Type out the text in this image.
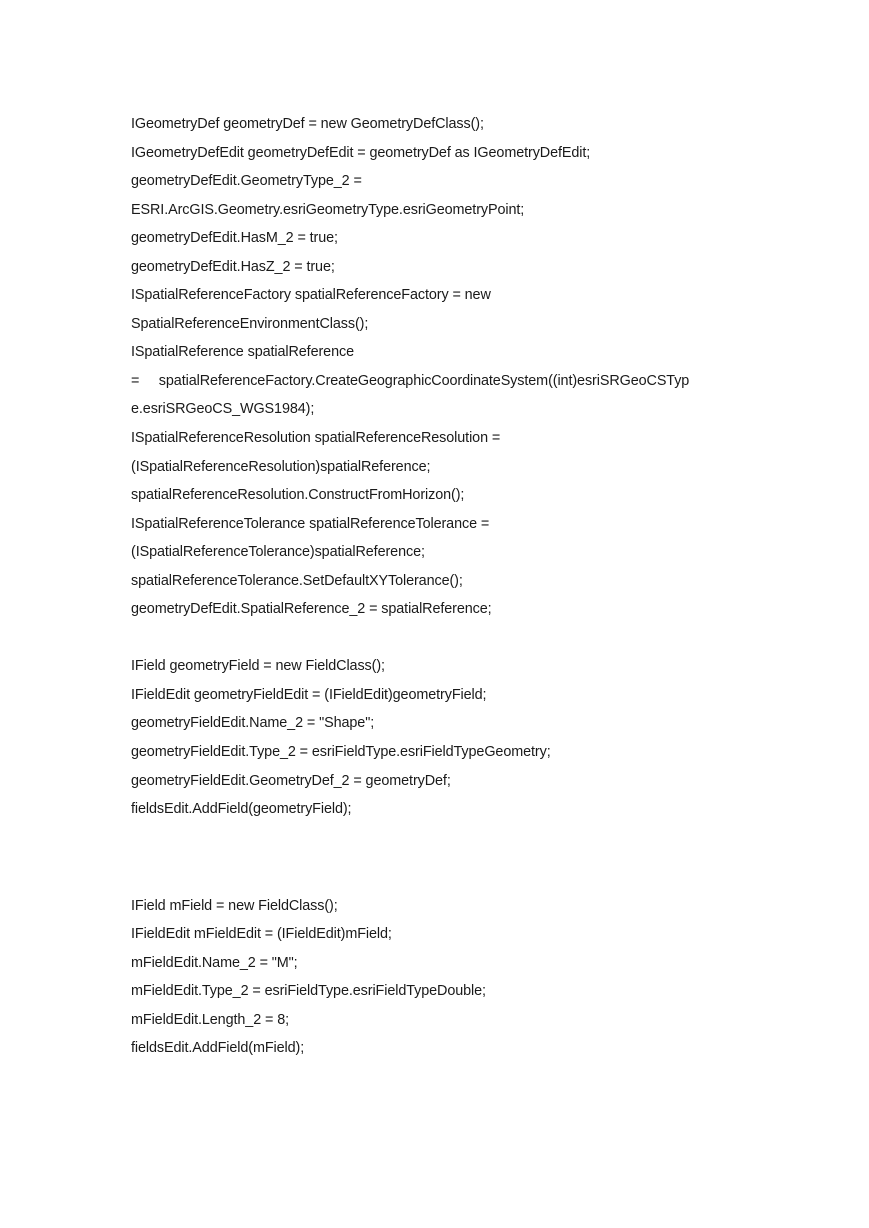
IGeometryDef geometryDef = new GeometryDefClass();
IGeometryDefEdit geometryDefEdit = geometryDef as IGeometryDefEdit;
geometryDefEdit.GeometryType_2 =
ESRI.ArcGIS.Geometry.esriGeometryType.esriGeometryPoint;
geometryDefEdit.HasM_2 = true;
geometryDefEdit.HasZ_2 = true;
ISpatialReferenceFactory spatialReferenceFactory = new
SpatialReferenceEnvironmentClass();
ISpatialReference spatialReference
=     spatialReferenceFactory.CreateGeographicCoordinateSystem((int)esriSRGeoCSTyp
e.esriSRGeoCS_WGS1984);
ISpatialReferenceResolution spatialReferenceResolution =
(ISpatialReferenceResolution)spatialReference;
spatialReferenceResolution.ConstructFromHorizon();
ISpatialReferenceTolerance spatialReferenceTolerance =
(ISpatialReferenceTolerance)spatialReference;
spatialReferenceTolerance.SetDefaultXYTolerance();
geometryDefEdit.SpatialReference_2 = spatialReference;
IField geometryField = new FieldClass();
IFieldEdit geometryFieldEdit = (IFieldEdit)geometryField;
geometryFieldEdit.Name_2 = "Shape";
geometryFieldEdit.Type_2 = esriFieldType.esriFieldTypeGeometry;
geometryFieldEdit.GeometryDef_2 = geometryDef;
fieldsEdit.AddField(geometryField);
IField mField = new FieldClass();
IFieldEdit mFieldEdit = (IFieldEdit)mField;
mFieldEdit.Name_2 = "M";
mFieldEdit.Type_2 = esriFieldType.esriFieldTypeDouble;
mFieldEdit.Length_2 = 8;
fieldsEdit.AddField(mField);
